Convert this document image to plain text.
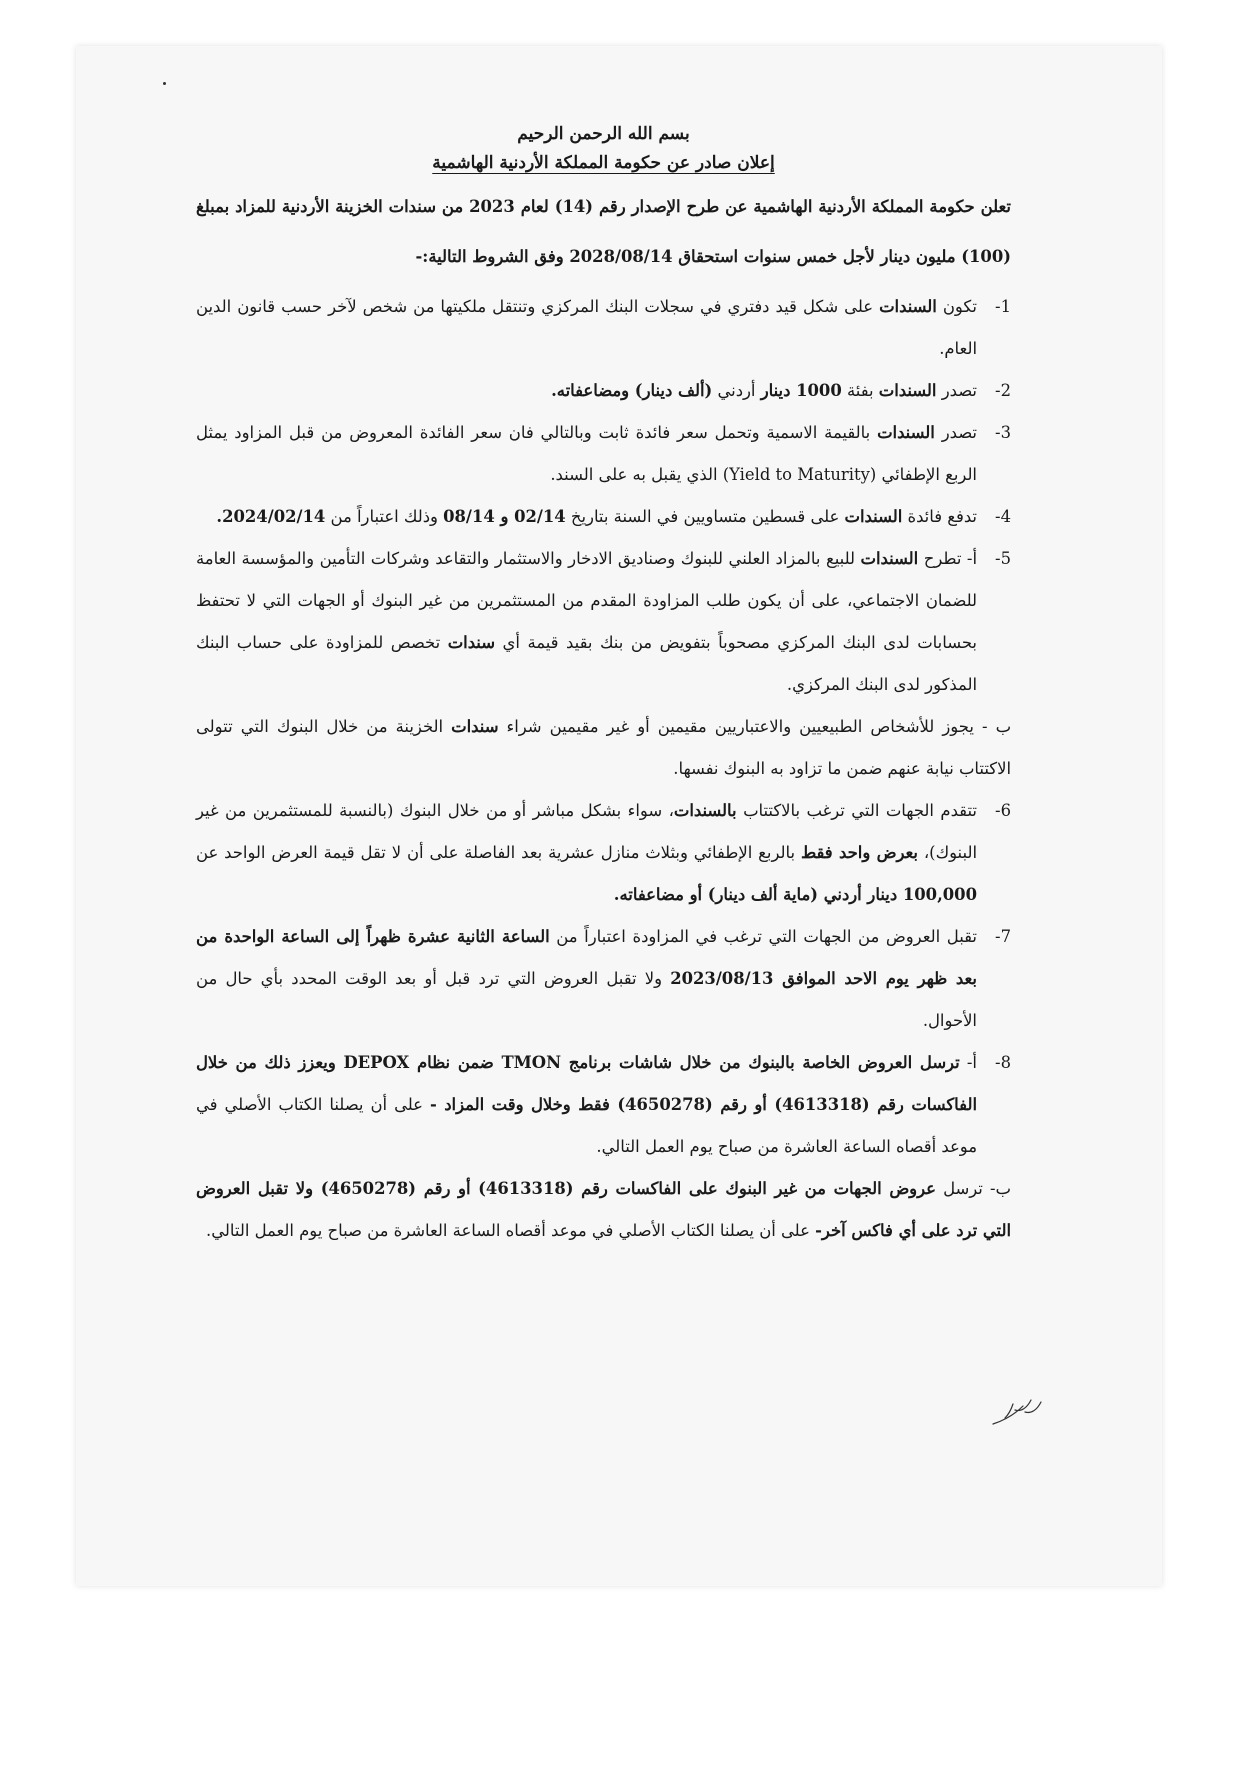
بسم الله الرحمن الرحيم

إعلان صادر عن حكومة المملكة الأردنية الهاشمية

تعلن حكومة المملكة الأردنية الهاشمية عن طرح الإصدار رقم (14) لعام 2023 من سندات الخزينة الأردنية للمزاد بمبلغ (100) مليون دينار لأجل خمس سنوات استحقاق 2028/08/14 وفق الشروط التالية:-

1-
تكون السندات على شكل قيد دفتري في سجلات البنك المركزي وتنتقل ملكيتها من شخص لآخر حسب قانون الدين العام.
2-
تصدر السندات بفئة 1000 دينار أردني (ألف دينار) ومضاعفاته.
3-
تصدر السندات بالقيمة الاسمية وتحمل سعر فائدة ثابت وبالتالي فان سعر الفائدة المعروض من قبل المزاود يمثل الربع الإطفائي (Yield to Maturity) الذي يقبل به على السند.
4-
تدفع فائدة السندات على قسطين متساويين في السنة بتاريخ 02/14 و 08/14 وذلك اعتباراً من 2024/02/14.
5-

أ- تطرح السندات للبيع بالمزاد العلني للبنوك وصناديق الادخار والاستثمار والتقاعد وشركات التأمين والمؤسسة العامة للضمان الاجتماعي، على أن يكون طلب المزاودة المقدم من المستثمرين من غير البنوك أو الجهات التي لا تحتفظ بحسابات لدى البنك المركزي مصحوباً بتفويض من بنك بقيد قيمة أي سندات تخصص للمزاودة على حساب البنك المذكور لدى البنك المركزي.

ب - يجوز للأشخاص الطبيعيين والاعتباريين مقيمين أو غير مقيمين شراء سندات الخزينة من خلال البنوك التي تتولى الاكتتاب نيابة عنهم ضمن ما تزاود به البنوك نفسها.

6-
تتقدم الجهات التي ترغب بالاكتتاب بالسندات، سواء بشكل مباشر أو من خلال البنوك (بالنسبة للمستثمرين من غير البنوك)، بعرض واحد فقط بالربع الإطفائي وبثلاث منازل عشرية بعد الفاصلة على أن لا تقل قيمة العرض الواحد عن 100,000 دينار أردني (ماية ألف دينار) أو مضاعفاته.
7-
تقبل العروض من الجهات التي ترغب في المزاودة اعتباراً من الساعة الثانية عشرة ظهراً إلى الساعة الواحدة من بعد ظهر يوم الاحد الموافق 2023/08/13 ولا تقبل العروض التي ترد قبل أو بعد الوقت المحدد بأي حال من الأحوال.
8-

أ- ترسل العروض الخاصة بالبنوك من خلال شاشات برنامج TMON ضمن نظام DEPOX ويعزز ذلك من خلال الفاكسات رقم (4613318) أو رقم (4650278) فقط وخلال وقت المزاد - على أن يصلنا الكتاب الأصلي في موعد أقصاه الساعة العاشرة من صباح يوم العمل التالي.

ب- ترسل عروض الجهات من غير البنوك على الفاكسات رقم (4613318) أو رقم (4650278) ولا تقبل العروض التي ترد على أي فاكس آخر- على أن يصلنا الكتاب الأصلي في موعد أقصاه الساعة العاشرة من صباح يوم العمل التالي.
